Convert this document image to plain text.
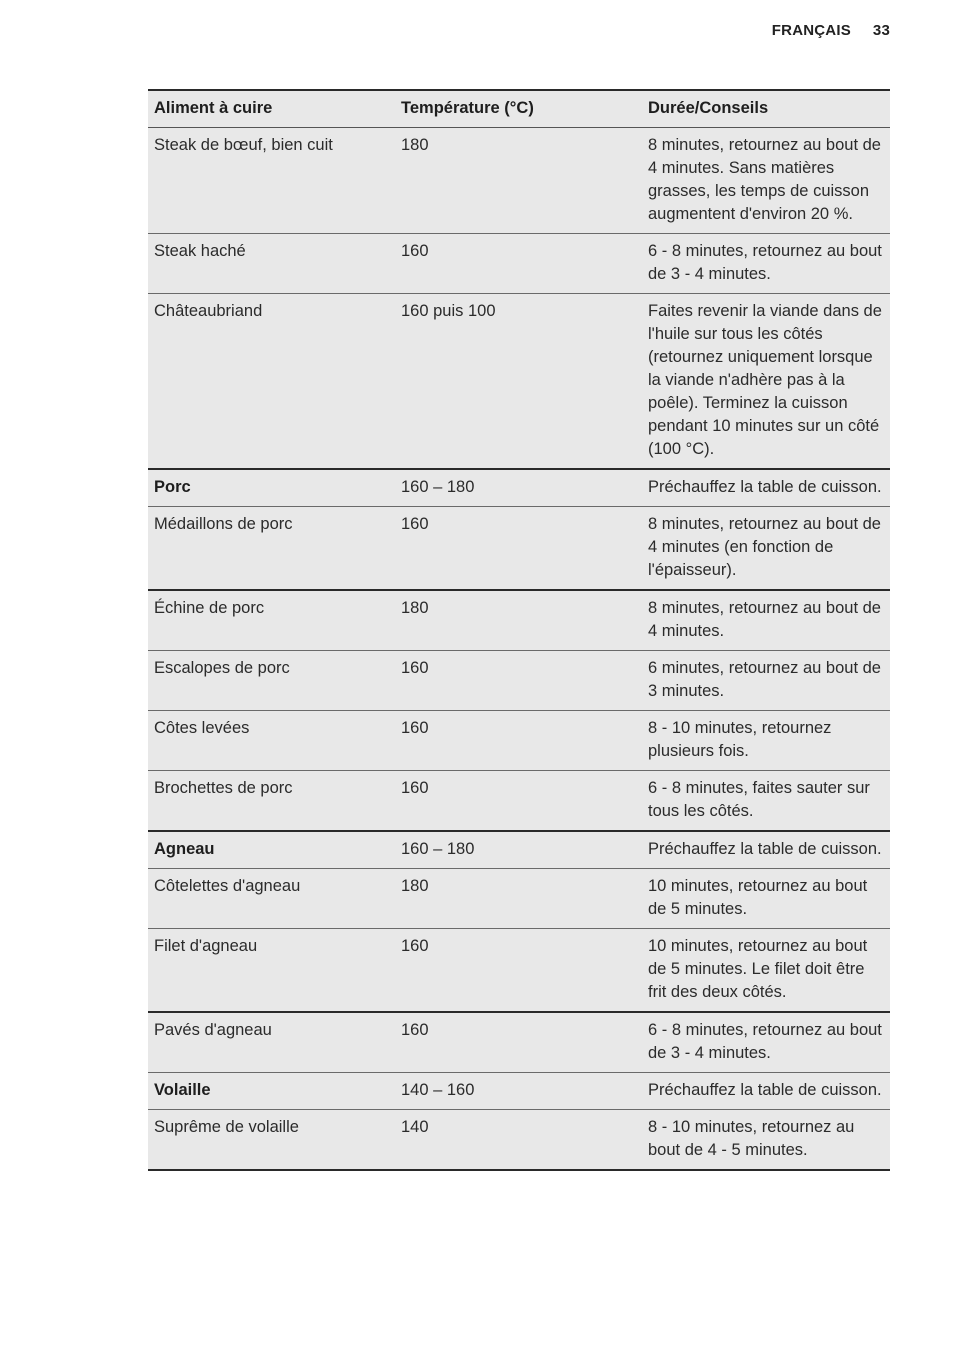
FRANÇAIS 33
Aliment à cuire	Température (°C)	Durée/Conseils
Steak de bœuf, bien cuit	180	8 minutes, retournez au bout de 4 minutes. Sans matières grasses, les temps de cuisson augmentent d'environ 20 %.
Steak haché	160	6 - 8 minutes, retournez au bout de 3 - 4 minutes.
Châteaubriand	160 puis 100	Faites revenir la viande dans de l'huile sur tous les côtés (retournez uniquement lorsque la viande n'adhère pas à la poêle). Terminez la cuisson pendant 10 minutes sur un côté (100 °C).
Porc	160 – 180	Préchauffez la table de cuisson.
Médaillons de porc	160	8 minutes, retournez au bout de 4 minutes (en fonction de l'épaisseur).
Échine de porc	180	8 minutes, retournez au bout de 4 minutes.
Escalopes de porc	160	6 minutes, retournez au bout de 3 minutes.
Côtes levées	160	8 - 10 minutes, retournez plusieurs fois.
Brochettes de porc	160	6 - 8 minutes, faites sauter sur tous les côtés.
Agneau	160 – 180	Préchauffez la table de cuisson.
Côtelettes d'agneau	180	10 minutes, retournez au bout de 5 minutes.
Filet d'agneau	160	10 minutes, retournez au bout de 5 minutes. Le filet doit être frit des deux côtés.
Pavés d'agneau	160	6 - 8 minutes, retournez au bout de 3 - 4 minutes.
Volaille	140 – 160	Préchauffez la table de cuisson.
Suprême de volaille	140	8 - 10 minutes, retournez au bout de 4 - 5 minutes.
